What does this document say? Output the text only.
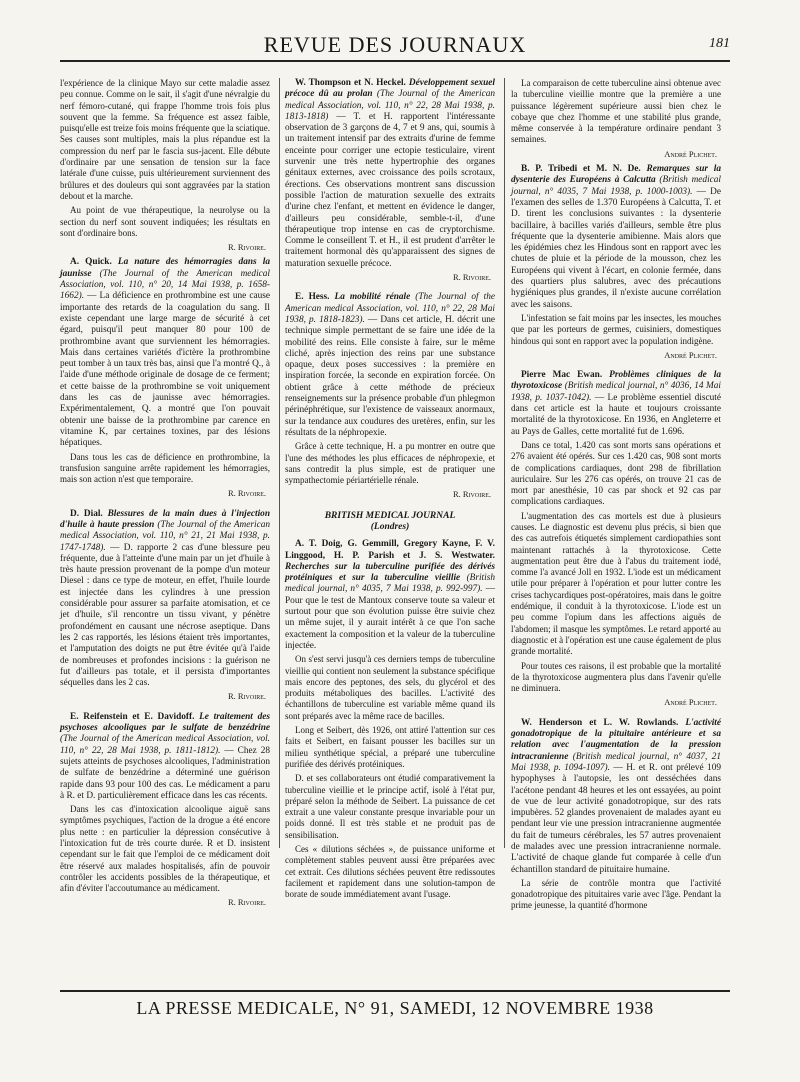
REVUE DES JOURNAUX	181

l'expérience de la clinique Mayo sur cette maladie assez peu connue. Comme on le sait, il s'agit d'une névralgie du nerf fémoro-cutané, qui frappe l'homme trois fois plus souvent que la femme. Sa fréquence est assez faible, puisqu'elle est treize fois moins fréquente que la sciatique. Ses causes sont multiples, mais la plus répandue est la compression du nerf par le fascia sus-jacent. Elle débute d'ordinaire par une sensation de tension sur la face latérale d'une cuisse, puis ultérieurement surviennent des brûlures et des douleurs qui sont aggravées par la station debout et la marche.

Au point de vue thérapeutique, la neurolyse ou la section du nerf sont souvent indiquées; les résultats en sont d'ordinaire bons.

R. Rivoire.
A. Quick. La nature des hémorragies dans la jaunisse (The Journal of the American medical Association, vol. 110, n° 20, 14 Mai 1938, p. 1658-1662). — La déficience en prothrombine est une cause importante des retards de la coagulation du sang. Il existe cependant une large marge de sécurité à cet égard, puisqu'il peut manquer 80 pour 100 de prothrombine avant que surviennent les hémorragies. Mais dans certaines variétés d'ictère la prothrombine peut tomber à un taux très bas, ainsi que l'a montré Q., à l'aide d'une méthode originale de dosage de ce ferment; et cette baisse de la prothrombine se voit uniquement dans les cas de jaunisse avec hémorragies. Expérimentalement, Q. a montré que l'on pouvait obtenir une baisse de la prothrombine par carence en vitamine K, par certaines toxines, par des lésions hépatiques.

Dans tous les cas de déficience en prothrombine, la transfusion sanguine arrête rapidement les hémorragies, mais son action n'est que temporaire.

R. Rivoire.
D. Dial. Blessures de la main dues à l'injection d'huile à haute pression (The Journal of the American medical Association, vol. 110, n° 21, 21 Mai 1938, p. 1747-1748). — D. rapporte 2 cas d'une blessure peu fréquente, due à l'atteinte d'une main par un jet d'huile à très haute pression provenant de la pompe d'un moteur Diesel : dans ce type de moteur, en effet, l'huile lourde est injectée dans les cylindres à une pression considérable pour assurer sa parfaite atomisation, et ce jet d'huile, s'il rencontre un tissu vivant, y pénètre profondément en causant une nécrose aseptique. Dans les 2 cas rapportés, les lésions étaient très importantes, et l'amputation des doigts ne put être évitée qu'à l'aide de nombreuses et profondes incisions : la guérison ne fut d'ailleurs pas totale, et il persista d'importantes séquelles dans les 2 cas.
R. Rivoire.
E. Reifenstein et E. Davidoff. Le traitement des psychoses alcooliques par le sulfate de benzédrine (The Journal of the American medical Association, vol. 110, n° 22, 28 Mai 1938, p. 1811-1812). — Chez 28 sujets atteints de psychoses alcooliques, l'administration de sulfate de benzédrine a déterminé une guérison rapide dans 93 pour 100 des cas. Le médicament a paru à R. et D. particulièrement efficace dans les cas récents.

Dans les cas d'intoxication alcoolique aiguë sans symptômes psychiques, l'action de la drogue a été encore plus nette : en particulier la dépression consécutive à l'intoxication fut de très courte durée. R et D. insistent cependant sur le fait que l'emploi de ce médicament doit être réservé aux malades hospitalisés, afin de pouvoir contrôler les accidents possibles de la thérapeutique, et afin d'éviter l'accoutumance au médicament.

R. Rivoire.
W. Thompson et N. Heckel. Développement sexuel précoce dû au prolan (The Journal of the American medical Association, vol. 110, n° 22, 28 Mai 1938, p. 1813-1818) — T. et H. rapportent l'intéressante observation de 3 garçons de 4, 7 et 9 ans, qui, soumis à un traitement intensif par des extraits d'urine de femme enceinte pour corriger une ectopie testiculaire, virent survenir une très nette hypertrophie des organes génitaux externes, avec croissance des poils scrotaux, érections. Ces observations montrent sans discussion possible l'action de maturation sexuelle des extraits d'urine chez l'enfant, et mettent en évidence le danger, d'ailleurs peu considérable, semble-t-il, d'une thérapeutique trop intense en cas de cryptorchisme. Comme le conseillent T. et H., il est prudent d'arrêter le traitement hormonal dès qu'apparaissent des signes de maturation sexuelle précoce.
R. Rivoire.
E. Hess. La mobilité rénale (The Journal of the American medical Association, vol. 110, n° 22, 28 Mai 1938, p. 1818-1823). — Dans cet article, H. décrit une technique simple permettant de se faire une idée de la mobilité des reins. Elle consiste à faire, sur le même cliché, après injection des reins par une substance opaque, deux poses successives : la première en inspiration forcée, la seconde en expiration forcée. On obtient grâce à cette méthode de précieux renseignements sur la présence probable d'un phlegmon périnéphrétique, sur l'existence de vaisseaux anormaux, sur la tendance aux coudures des uretères, enfin, sur les résultats de la néphropexie.

Grâce à cette technique, H. a pu montrer en outre que l'une des méthodes les plus efficaces de néphropexie, et sans contredit la plus simple, est de pratiquer une sympathectomie périartérielle rénale.

R. Rivoire.
BRITISH MEDICAL JOURNAL
(Londres)
A. T. Doig, G. Gemmill, Gregory Kayne, F. V. Linggood, H. P. Parish et J. S. Westwater. Recherches sur la tuberculine purifiée des dérivés protéiniques et sur la tuberculine vieillie (British medical journal, n° 4035, 7 Mai 1938, p. 992-997). — Pour que le test de Mantoux conserve toute sa valeur et surtout pour que son évolution puisse être suivie chez un même sujet, il y aurait intérêt à ce que l'on sache exactement la composition et la valeur de la tuberculine injectée.

On s'est servi jusqu'à ces derniers temps de tuberculine vieillie qui contient non seulement la substance spécifique mais encore des peptones, des sels, du glycérol et des produits métaboliques des bacilles. L'activité des échantillons de tuberculine est variable même quand ils sont préparés avec la même race de bacilles.

Long et Seibert, dès 1926, ont attiré l'attention sur ces faits et Seibert, en faisant pousser les bacilles sur un milieu synthétique spécial, a préparé une tuberculine purifiée des dérivés protéiniques.

D. et ses collaborateurs ont étudié comparativement la tuberculine vieillie et le principe actif, isolé à l'état pur, préparé selon la méthode de Seibert. La puissance de cet extrait a une valeur constante presque invariable pour un poids donné. Il est très stable et ne produit pas de sensibilisation.

Ces « dilutions séchées », de puissance uniforme et complètement stables peuvent aussi être préparées avec cet extrait. Ces dilutions séchées peuvent être redissoutes facilement et rapidement dans une solution-tampon de borate de soude immédiatement avant l'usage.

La comparaison de cette tuberculine ainsi obtenue avec la tuberculine vieillie montre que la première a une puissance légèrement supérieure aussi bien chez le cobaye que chez l'homme et une stabilité plus grande, même conservée à la température ordinaire pendant 3 semaines.

André Plichet.
B. P. Tribedi et M. N. De. Remarques sur la dysenterie des Européens à Calcutta (British medical journal, n° 4035, 7 Mai 1938, p. 1000-1003). — De l'examen des selles de 1.370 Européens à Calcutta, T. et D. tirent les conclusions suivantes : la dysenterie bacillaire, à bacilles variés d'ailleurs, semble être plus fréquente que la dysenterie amibienne. Mais alors que les épidémies chez les Hindous sont en rapport avec les chutes de pluie et la période de la mousson, chez les Européens qui vivent à l'écart, en colonie fermée, dans des quartiers plus salubres, avec des précautions hygiéniques plus grandes, il n'existe aucune corrélation avec les saisons.

L'infestation se fait moins par les insectes, les mouches que par les porteurs de germes, cuisiniers, domestiques hindous qui sont en rapport avec la population indigène.

André Plichet.
Pierre Mac Ewan. Problèmes cliniques de la thyrotoxicose (British medical journal, n° 4036, 14 Mai 1938, p. 1037-1042). — Le problème essentiel discuté dans cet article est la haute et toujours croissante mortalité de la thyrotoxicose. En 1936, en Angleterre et au Pays de Galles, cette mortalité fut de 1.696.

Dans ce total, 1.420 cas sont morts sans opérations et 276 avaient été opérés. Sur ces 1.420 cas, 908 sont morts de complications cardiaques, dont 298 de fibrillation auriculaire. Sur les 276 cas opérés, on trouve 21 cas de mort par anesthésie, 10 cas par shock et 92 cas par complications cardiaques.

L'augmentation des cas mortels est due à plusieurs causes. Le diagnostic est devenu plus précis, si bien que des cas autrefois étiquetés simplement cardiopathies sont maintenant rattachés à la thyrotoxicose. Cette augmentation peut être due à l'abus du traitement iodé, comme l'a avancé Joll en 1932. L'iode est un médicament utile pour préparer à l'opération et pour lutter contre les crises tachycardiques post-opératoires, mais dans le goitre endémique, il conduit à la thyrotoxicose. L'iode est un peu comme l'opium dans les affections aiguës de l'abdomen; il masque les symptômes. Le retard apporté au diagnostic et à l'opération est une cause également de plus grande mortalité.

Pour toutes ces raisons, il est probable que la mortalité de la thyrotoxicose augmentera plus dans l'avenir qu'elle ne diminuera.

André Plichet.
W. Henderson et L. W. Rowlands. L'activité gonadotropique de la pituitaire antérieure et sa relation avec l'augmentation de la pression intracranienne (British medical journal, n° 4037, 21 Mai 1938, p. 1094-1097). — H. et R. ont prélevé 109 hypophyses à l'autopsie, les ont desséchées dans l'acétone pendant 48 heures et les ont essayées, au point de vue de leur activité gonadotropique, sur des rats impubères. 52 glandes provenaient de malades ayant eu pendant leur vie une pression intracranienne augmentée du fait de tumeurs cérébrales, les 57 autres provenaient de malades avec une pression intracranienne normale. L'activité de chaque glande fut comparée à celle d'un échantillon standard de pituitaire humaine.

La série de contrôle montra que l'activité gonadotropique des pituitaires varie avec l'âge. Pendant la prime jeunesse, la quantité d'hormone

LA PRESSE MEDICALE, N° 91, SAMEDI, 12 NOVEMBRE 1938
